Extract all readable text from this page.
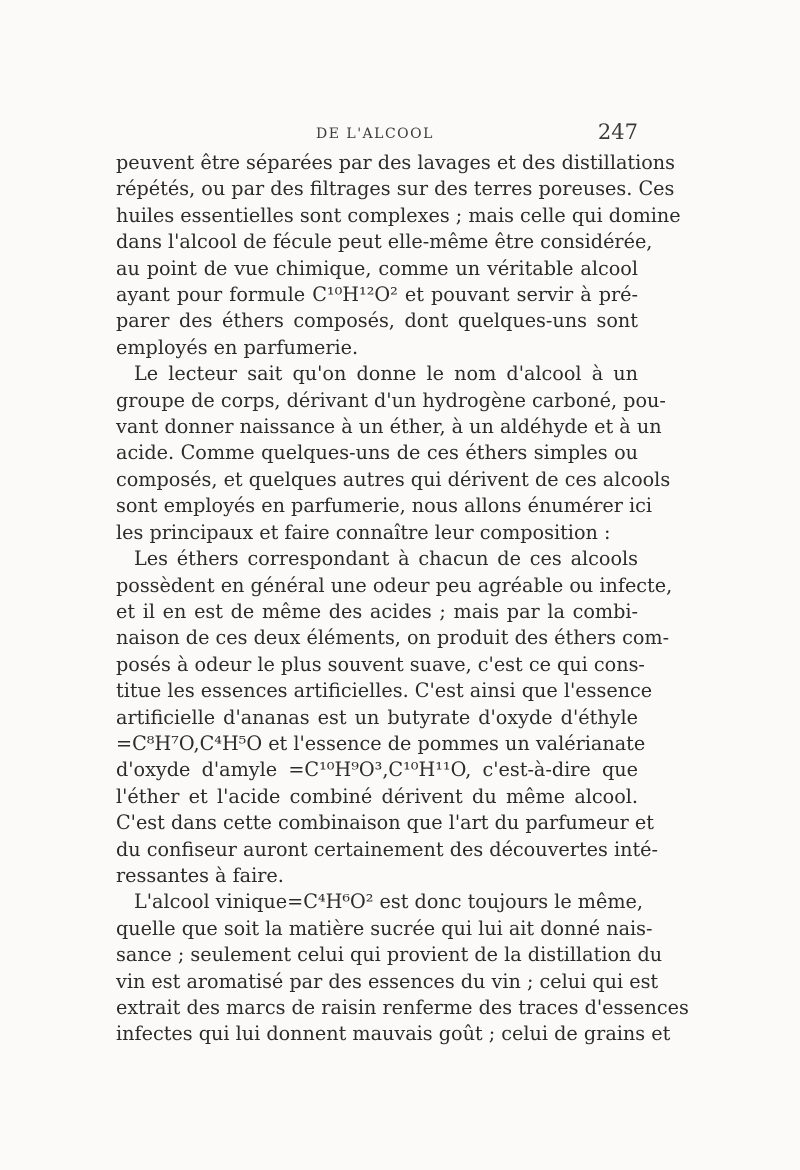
DE L'ALCOOL	247
peuvent être séparées par des lavages et des distillations
répétés, ou par des filtrages sur des terres poreuses. Ces
huiles essentielles sont complexes ; mais celle qui domine
dans l'alcool de fécule peut elle-même être considérée,
au point de vue chimique, comme un véritable alcool
ayant pour formule C¹⁰H¹²O² et pouvant servir à pré-
parer des éthers composés, dont quelques-uns sont
employés en parfumerie.
Le lecteur sait qu'on donne le nom d'alcool à un
groupe de corps, dérivant d'un hydrogène carboné, pou-
vant donner naissance à un éther, à un aldéhyde et à un
acide. Comme quelques-uns de ces éthers simples ou
composés, et quelques autres qui dérivent de ces alcools
sont employés en parfumerie, nous allons énumérer ici
les principaux et faire connaître leur composition :
Les éthers correspondant à chacun de ces alcools
possèdent en général une odeur peu agréable ou infecte,
et il en est de même des acides ; mais par la combi-
naison de ces deux éléments, on produit des éthers com-
posés à odeur le plus souvent suave, c'est ce qui cons-
titue les essences artificielles. C'est ainsi que l'essence
artificielle d'ananas est un butyrate d'oxyde d'éthyle
=C⁸H⁷O,C⁴H⁵O et l'essence de pommes un valérianate
d'oxyde d'amyle =C¹⁰H⁹O³,C¹⁰H¹¹O, c'est-à-dire que
l'éther et l'acide combiné dérivent du même alcool.
C'est dans cette combinaison que l'art du parfumeur et
du confiseur auront certainement des découvertes inté-
ressantes à faire.
L'alcool vinique=C⁴H⁶O² est donc toujours le même,
quelle que soit la matière sucrée qui lui ait donné nais-
sance ; seulement celui qui provient de la distillation du
vin est aromatisé par des essences du vin ; celui qui est
extrait des marcs de raisin renferme des traces d'essences
infectes qui lui donnent mauvais goût ; celui de grains et
